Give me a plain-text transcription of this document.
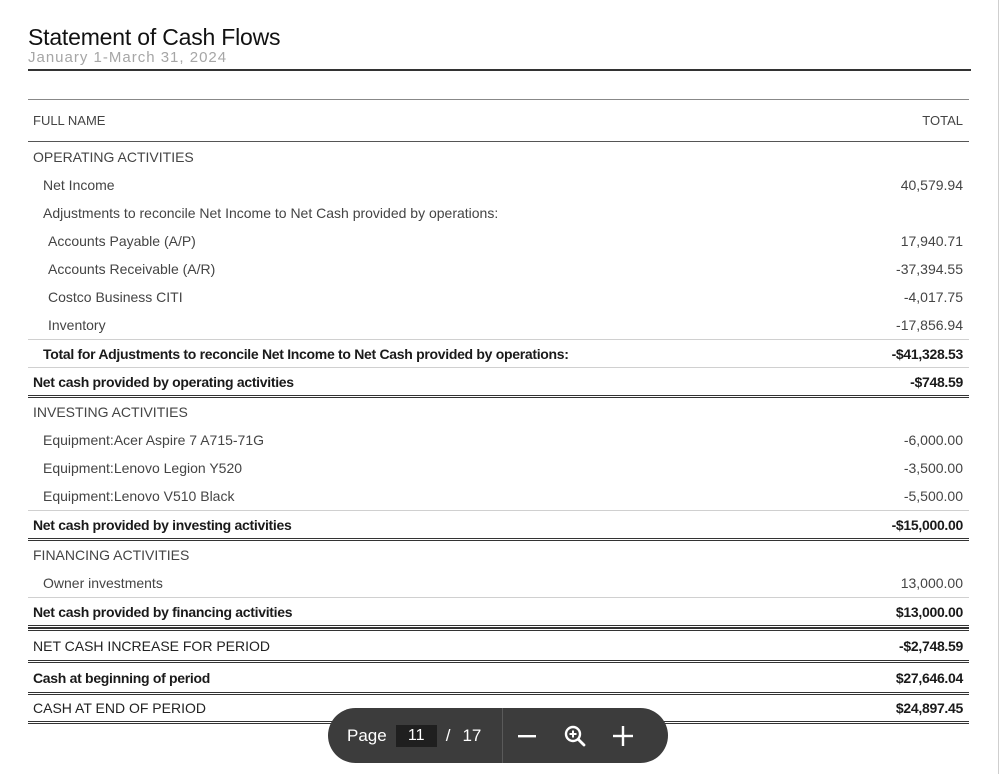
Statement of Cash Flows
January 1-March 31, 2024
FULL NAME	TOTAL
OPERATING ACTIVITIES
Net Income	40,579.94
Adjustments to reconcile Net Income to Net Cash provided by operations:
Accounts Payable (A/P)	17,940.71
Accounts Receivable (A/R)	-37,394.55
Costco Business CITI	-4,017.75
Inventory	-17,856.94
Total for Adjustments to reconcile Net Income to Net Cash provided by operations:	-$41,328.53
Net cash provided by operating activities	-$748.59
INVESTING ACTIVITIES
Equipment:Acer Aspire 7 A715-71G	-6,000.00
Equipment:Lenovo Legion Y520	-3,500.00
Equipment:Lenovo V510 Black	-5,500.00
Net cash provided by investing activities	-$15,000.00
FINANCING ACTIVITIES
Owner investments	13,000.00
Net cash provided by financing activities	$13,000.00
NET CASH INCREASE FOR PERIOD	-$2,748.59
Cash at beginning of period	$27,646.04
CASH AT END OF PERIOD	$24,897.45
Page
11	/ 17
